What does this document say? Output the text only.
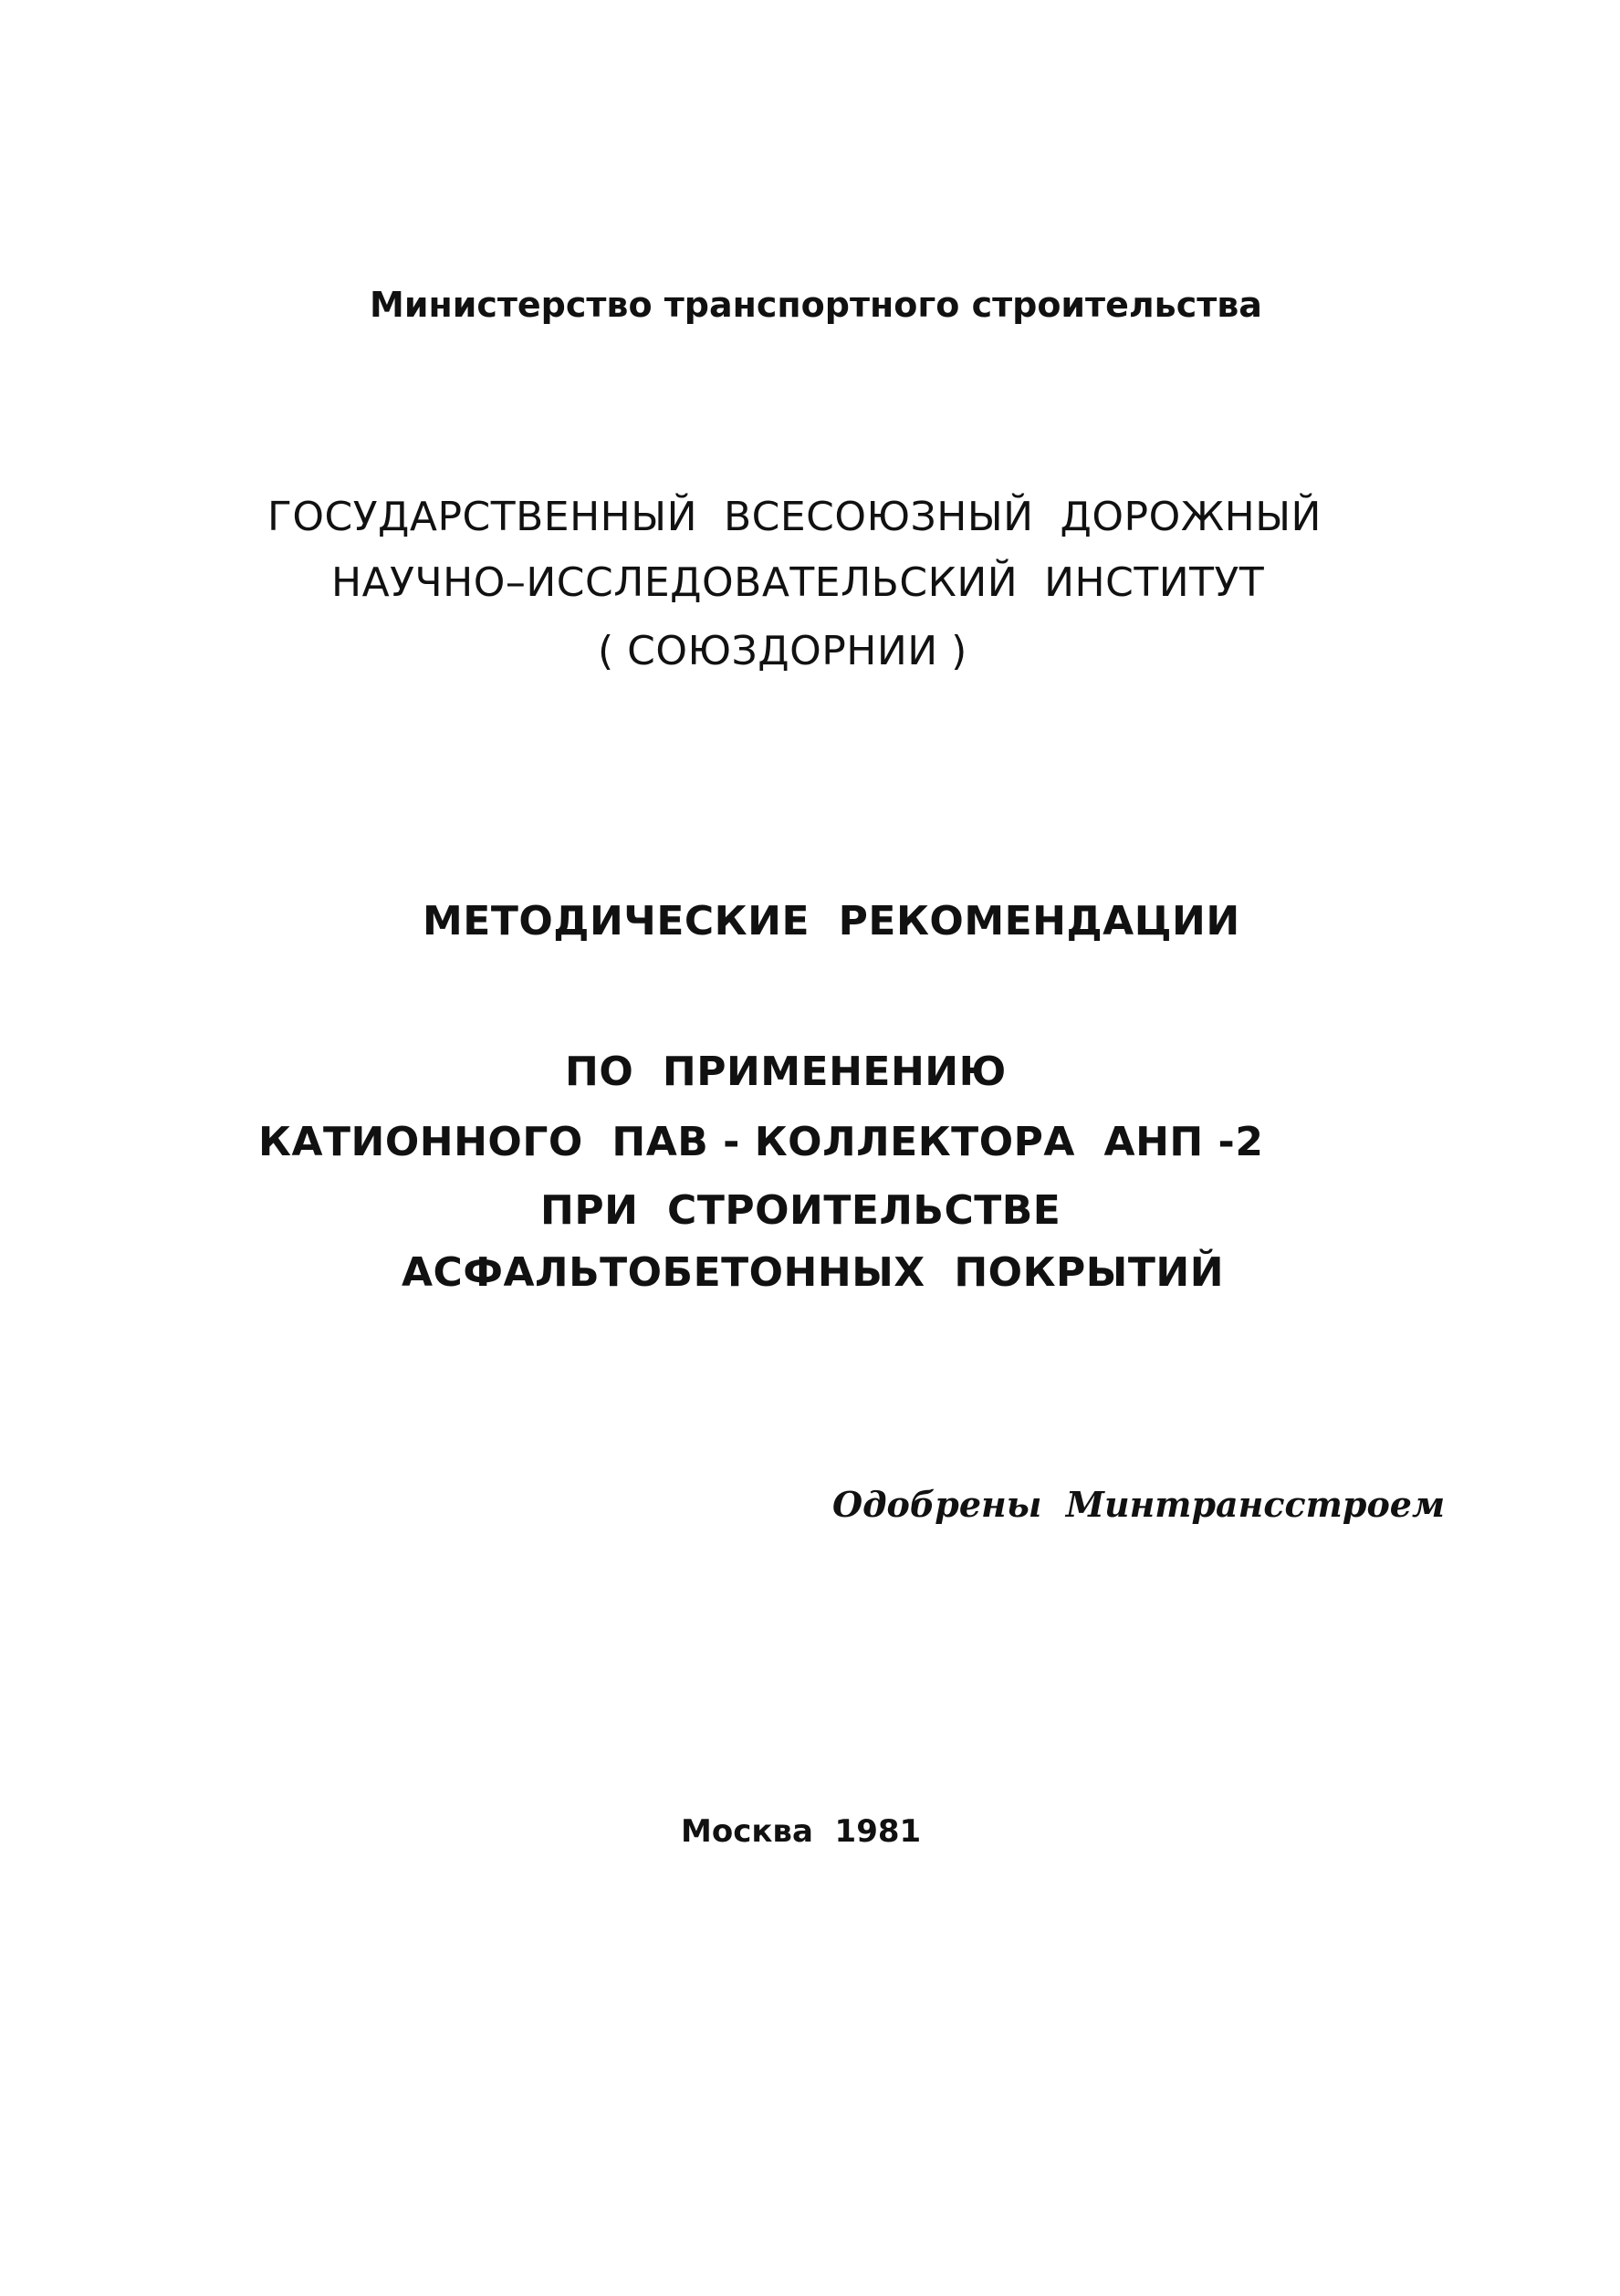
Министерство транспортного строительства
ГОСУДАРСТВЕННЫЙ  ВСЕСОЮЗНЫЙ  ДОРОЖНЫЙ
НАУЧНО–ИССЛЕДОВАТЕЛЬСКИЙ  ИНСТИТУТ
( СОЮЗДОРНИИ )
МЕТОДИЧЕСКИЕ  РЕКОМЕНДАЦИИ
ПО  ПРИМЕНЕНИЮ
КАТИОННОГО  ПАВ - КОЛЛЕКТОРА  АНП -2
ПРИ  СТРОИТЕЛЬСТВЕ
АСФАЛЬТОБЕТОННЫХ  ПОКРЫТИЙ
Одобрены  Минтрансстроем
Москва  1981
